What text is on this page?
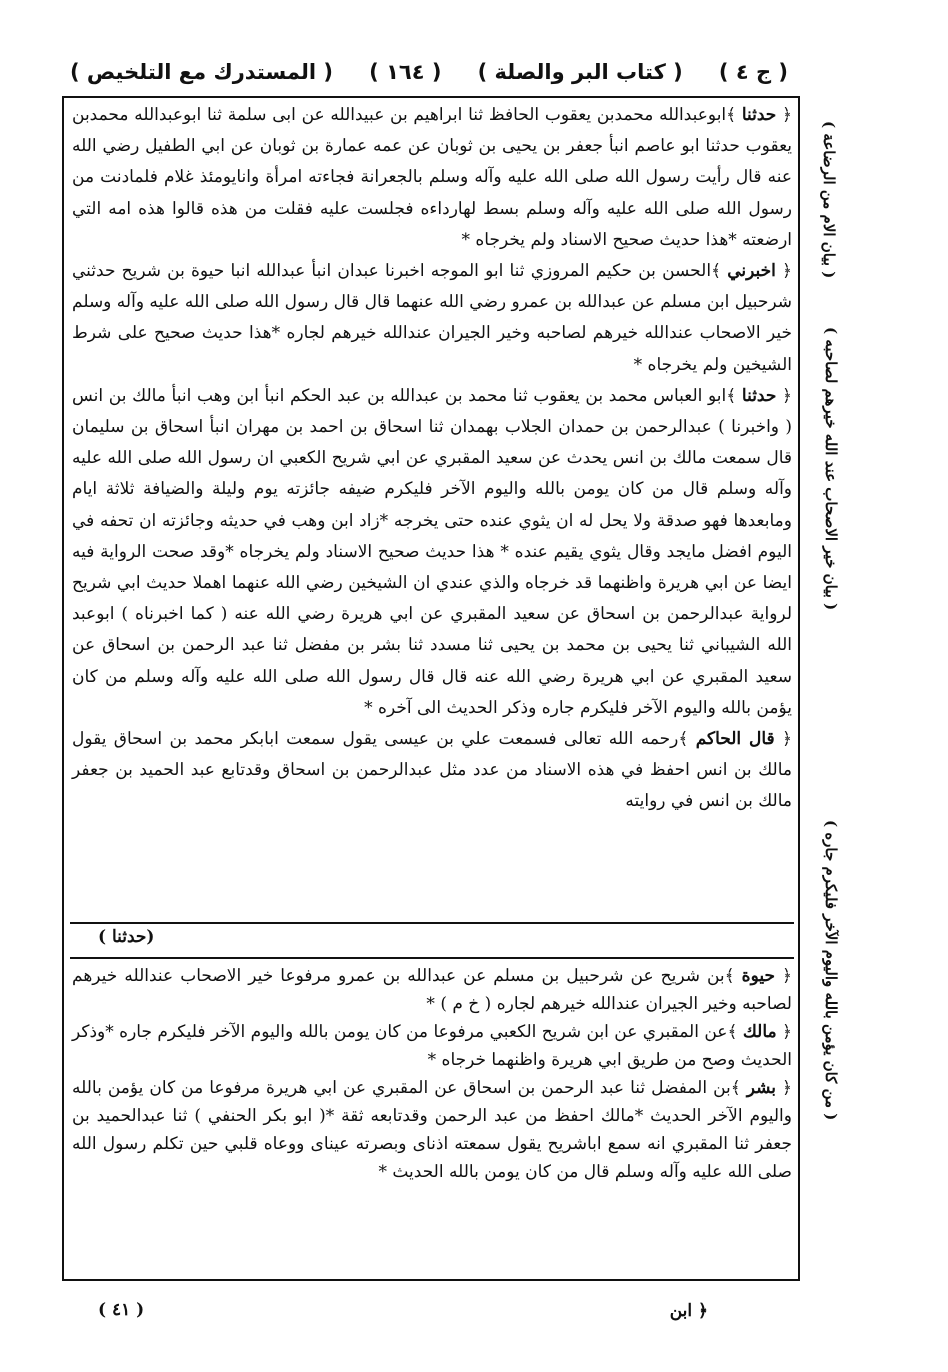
( المستدرك مع التلخيص ) ( ١٦٤ ) ( كتاب البر والصلة ) ( ج ٤ )

﴿ حدثنا ﴾ابوعبدالله محمدبن يعقوب الحافظ ثنا ابراهيم بن عبيدالله عن ابى سلمة ثنا ابوعبدالله محمدبن يعقوب حدثنا ابو عاصم انبأ جعفر بن يحيى بن ثوبان عن عمه عمارة بن ثوبان عن ابي الطفيل رضي الله عنه قال رأيت رسول الله صلى الله عليه وآله وسلم بالجعرانة فجاءته امرأة وانايومئذ غلام فلمادنت من رسول الله صلى الله عليه وآله وسلم بسط لهارداءه فجلست عليه فقلت من هذه قالوا هذه امه التي ارضعته *هذا حديث صحيح الاسناد ولم يخرجاه *

﴿ اخبرني ﴾الحسن بن حكيم المروزي ثنا ابو الموجه اخبرنا عبدان انبأ عبدالله انبا حيوة بن شريح حدثني شرحبيل ابن مسلم عن عبدالله بن عمرو رضي الله عنهما قال قال رسول الله صلى الله عليه وآله وسلم خير الاصحاب عندالله خيرهم لصاحبه وخير الجيران عندالله خيرهم لجاره *هذا حديث صحيح على شرط الشيخين ولم يخرجاه *

﴿ حدثنا ﴾ابو العباس محمد بن يعقوب ثنا محمد بن عبدالله بن عبد الحكم انبأ ابن وهب انبأ مالك بن انس ( واخبرنا ) عبدالرحمن بن حمدان الجلاب بهمدان ثنا اسحاق بن احمد بن مهران انبأ اسحاق بن سليمان قال سمعت مالك بن انس يحدث عن سعيد المقبري عن ابي شريح الكعبي ان رسول الله صلى الله عليه وآله وسلم قال من كان يومن بالله واليوم الآخر فليكرم ضيفه جائزته يوم وليلة والضيافة ثلاثة ايام ومابعدها فهو صدقة ولا يحل له ان يثوي عنده حتى يخرجه *زاد ابن وهب في حديثه وجائزته ان تحفه في اليوم افضل مايجد وقال يثوي يقيم عنده * هذا حديث صحيح الاسناد ولم يخرجاه *وقد صحت الرواية فيه ايضا عن ابي هريرة واظنهما قد خرجاه والذي عندي ان الشيخين رضي الله عنهما اهملا حديث ابي شريح لرواية عبدالرحمن بن اسحاق عن سعيد المقبري عن ابي هريرة رضي الله عنه ( كما اخبرناه ) ابوعبد الله الشيباني ثنا يحيى بن محمد بن يحيى ثنا مسدد ثنا بشر بن مفضل ثنا عبد الرحمن بن اسحاق عن سعيد المقبري عن ابي هريرة رضي الله عنه قال قال رسول الله صلى الله عليه وآله وسلم من كان يؤمن بالله واليوم الآخر فليكرم جاره وذكر الحديث الى آخره *

﴿ قال الحاكم ﴾رحمه الله تعالى فسمعت علي بن عيسى يقول سمعت ابابكر محمد بن اسحاق يقول مالك بن انس احفظ في هذه الاسناد من عدد مثل عبدالرحمن بن اسحاق وقدتابع عبد الحميد بن جعفر مالك بن انس في روايته

(حدثنا )

﴿ حيوة ﴾بن شريح عن شرحبيل بن مسلم عن عبدالله بن عمرو مرفوعا خير الاصحاب عندالله خيرهم لصاحبه وخير الجيران عندالله خيرهم لجاره ( خ م ) *

﴿ مالك ﴾عن المقبري عن ابن شريح الكعبي مرفوعا من كان يومن بالله واليوم الآخر فليكرم جاره *وذكر الحديث وصح من طريق ابي هريرة واظنهما خرجاه *

﴿ بشر ﴾بن المفضل ثنا عبد الرحمن بن اسحاق عن المقبري عن ابي هريرة مرفوعا من كان يؤمن بالله واليوم الآخر الحديث *مالك احفظ من عبد الرحمن وقدتابعه ثقة *( ابو بكر الحنفي ) ثنا عبدالحميد بن جعفر ثنا المقبري انه سمع اباشريح يقول سمعته اذناى وبصرته عيناى ووعاه قلبي حين تكلم رسول الله صلى الله عليه وآله وسلم قال من كان يومن بالله الحديث *

( بيان الام من الرضاعة )
( بيان خير الاصحاب عند الله خيرهم لصاحبه )
( من كان يؤمن بالله واليوم الآخر فليكرم جاره )
( ٤١ )	﴿ ابن
